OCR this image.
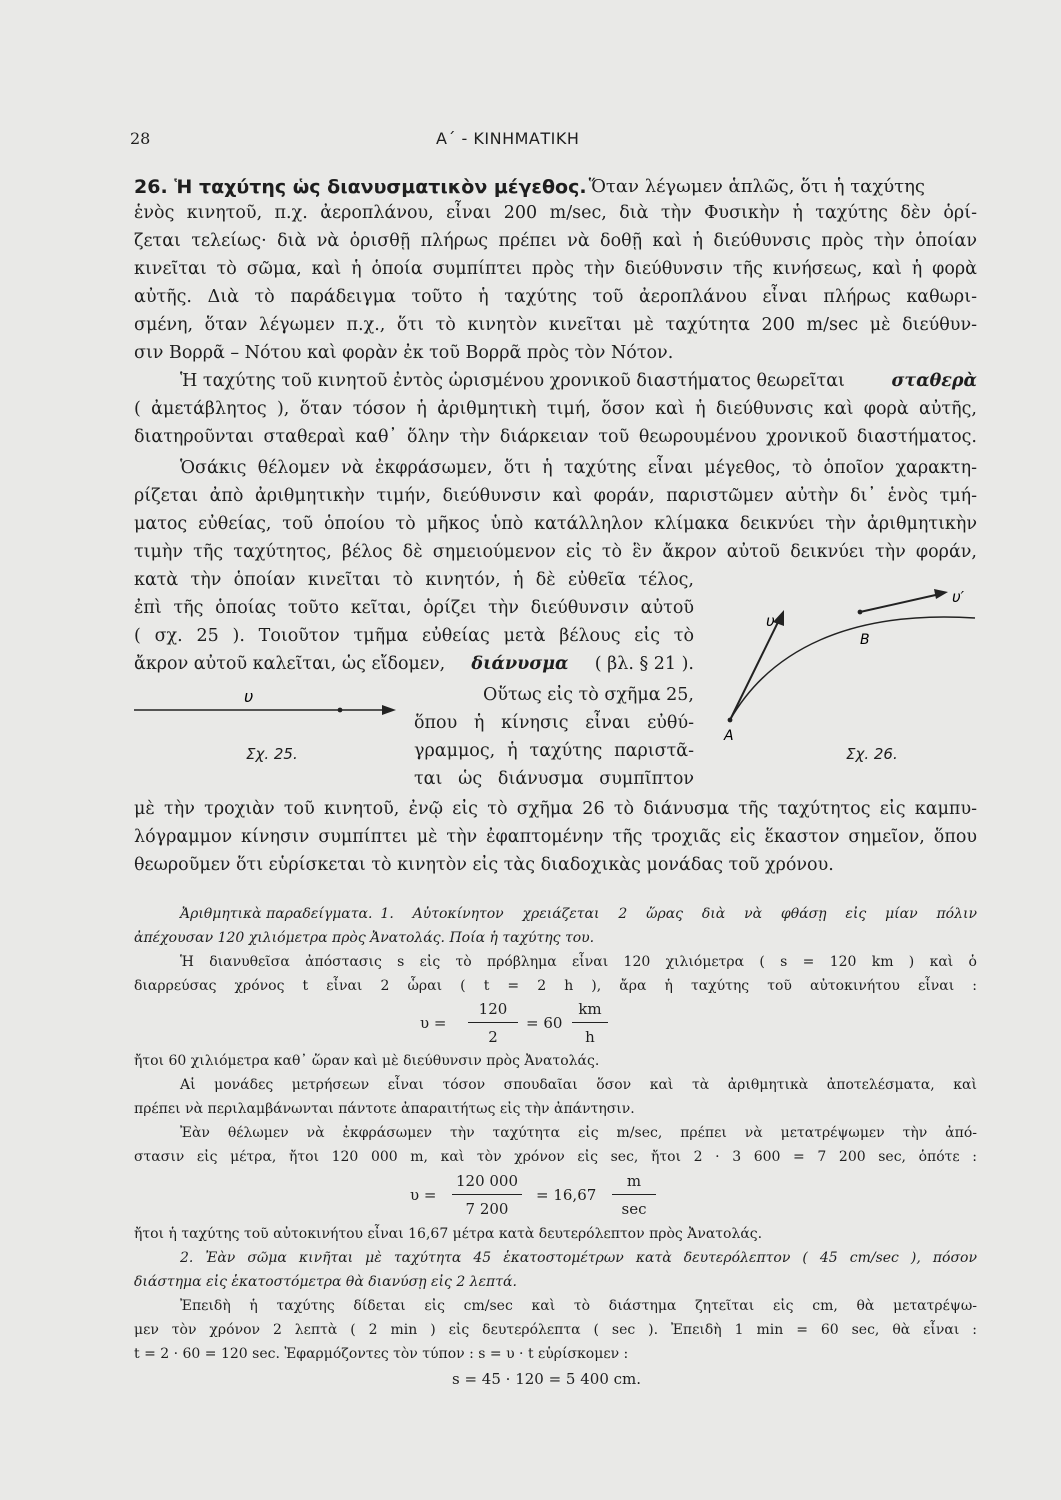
28	Α΄ - ΚΙΝΗΜΑΤΙΚΗ
26. Ἡ ταχύτης ὡς διανυσματικὸν μέγεθος. Ὅταν λέγωμεν ἁπλῶς, ὅτι ἡ ταχύτης
ἑνὸς κινητοῦ, π.χ. ἀεροπλάνου, εἶναι 200 m/sec, διὰ τὴν Φυσικὴν ἡ ταχύτης δὲν ὁρί-
ζεται τελείως· διὰ νὰ ὁρισθῇ πλήρως πρέπει νὰ δοθῇ καὶ ἡ διεύθυνσις πρὸς τὴν ὁποίαν
κινεῖται τὸ σῶμα, καὶ ἡ ὁποία συμπίπτει πρὸς τὴν διεύθυνσιν τῆς κινήσεως, καὶ ἡ φορὰ
αὐτῆς. Διὰ τὸ παράδειγμα τοῦτο ἡ ταχύτης τοῦ ἀεροπλάνου εἶναι πλήρως καθωρι-
σμένη, ὅταν λέγωμεν π.χ., ὅτι τὸ κινητὸν κινεῖται μὲ ταχύτητα 200 m/sec μὲ διεύθυν-
σιν Βορρᾶ – Νότου καὶ φορὰν ἐκ τοῦ Βορρᾶ πρὸς τὸν Νότον.
Ἡ ταχύτης τοῦ κινητοῦ ἐντὸς ὡρισμένου χρονικοῦ διαστήματος θεωρεῖται	σταθερὰ
( ἀμετάβλητος ), ὅταν τόσον ἡ ἀριθμητικὴ τιμή, ὅσον καὶ ἡ διεύθυνσις καὶ φορὰ αὐτῆς,
διατηροῦνται σταθεραὶ καθ᾿ ὅλην τὴν διάρκειαν τοῦ θεωρουμένου χρονικοῦ διαστήματος.
Ὁσάκις θέλομεν νὰ ἐκφράσωμεν, ὅτι ἡ ταχύτης εἶναι μέγεθος, τὸ ὁποῖον χαρακτη-
ρίζεται ἀπὸ ἀριθμητικὴν τιμήν, διεύθυνσιν καὶ φοράν, παριστῶμεν αὐτὴν δι᾿ ἑνὸς τμή-
ματος εὐθείας, τοῦ ὁποίου τὸ μῆκος ὑπὸ κατάλληλον κλίμακα δεικνύει τὴν ἀριθμητικὴν
τιμὴν τῆς ταχύτητος, βέλος δὲ σημειούμενον εἰς τὸ ἓν ἄκρον αὐτοῦ δεικνύει τὴν φοράν,
κατὰ τὴν ὁποίαν κινεῖται τὸ κινητόν, ἡ δὲ εὐθεῖα τέλος,
ἐπὶ τῆς ὁποίας τοῦτο κεῖται, ὁρίζει τὴν διεύθυνσιν αὐτοῦ
( σχ. 25 ). Τοιοῦτον τμῆμα εὐθείας μετὰ βέλους εἰς τὸ
ἄκρον αὐτοῦ καλεῖται, ὡς εἴδομεν, διάνυσμα ( βλ. § 21 ).
υ
Σχ. 25.
Οὕτως εἰς τὸ σχῆμα 25,
ὅπου ἡ κίνησις εἶναι εὐθύ-
γραμμος, ἡ ταχύτης παριστᾶ-
ται ὡς διάνυσμα συμπῖπτον
υ
υ′
A
B
Σχ. 26.
μὲ τὴν τροχιὰν τοῦ κινητοῦ, ἐνῷ εἰς τὸ σχῆμα 26 τὸ διάνυσμα τῆς ταχύτητος εἰς καμπυ-
λόγραμμον κίνησιν συμπίπτει μὲ τὴν ἐφαπτομένην τῆς τροχιᾶς εἰς ἕκαστον σημεῖον, ὅπου
θεωροῦμεν ὅτι εὑρίσκεται τὸ κινητὸν εἰς τὰς διαδοχικὰς μονάδας τοῦ χρόνου.
Ἀριθμητικὰ παραδείγματα. 1. Αὐτοκίνητον χρειάζεται 2 ὥρας διὰ νὰ φθάσῃ εἰς μίαν πόλιν
ἀπέχουσαν 120 χιλιόμετρα πρὸς Ἀνατολάς. Ποία ἡ ταχύτης του.
Ἡ διανυθεῖσα ἀπόστασις s εἰς τὸ πρόβλημα εἶναι 120 χιλιόμετρα ( s = 120 km ) καὶ ὁ
διαρρεύσας χρόνος t εἶναι 2 ὧραι ( t = 2 h ), ἄρα ἡ ταχύτης τοῦ αὐτοκινήτου εἶναι :
υ =
120
2
= 60
km
h
ἤτοι 60 χιλιόμετρα καθ᾿ ὥραν καὶ μὲ διεύθυνσιν πρὸς Ἀνατολάς.
Αἱ μονάδες μετρήσεων εἶναι τόσον σπουδαῖαι ὅσον καὶ τὰ ἀριθμητικὰ ἀποτελέσματα, καὶ
πρέπει νὰ περιλαμβάνωνται πάντοτε ἀπαραιτήτως εἰς τὴν ἀπάντησιν.
Ἐὰν θέλωμεν νὰ ἐκφράσωμεν τὴν ταχύτητα εἰς m/sec, πρέπει νὰ μετατρέψωμεν τὴν ἀπό-
στασιν εἰς μέτρα, ἤτοι 120 000 m, καὶ τὸν χρόνον εἰς sec, ἤτοι 2 · 3 600 = 7 200 sec, ὁπότε :
υ =
120 000
7 200
= 16,67
m
sec
ἤτοι ἡ ταχύτης τοῦ αὐτοκινήτου εἶναι 16,67 μέτρα κατὰ δευτερόλεπτον πρὸς Ἀνατολάς.
2. Ἐὰν σῶμα κινῆται μὲ ταχύτητα 45 ἑκατοστομέτρων κατὰ δευτερόλεπτον ( 45 cm/sec ), πόσον
διάστημα εἰς ἑκατοστόμετρα θὰ διανύσῃ εἰς 2 λεπτά.
Ἐπειδὴ ἡ ταχύτης δίδεται εἰς cm/sec καὶ τὸ διάστημα ζητεῖται εἰς cm, θὰ μετατρέψω-
μεν τὸν χρόνον 2 λεπτὰ ( 2 min ) εἰς δευτερόλεπτα ( sec ). Ἐπειδὴ 1 min = 60 sec, θὰ εἶναι :
t = 2 · 60 = 120 sec. Ἐφαρμόζοντες τὸν τύπον : s = υ · t εὑρίσκομεν :
s = 45 · 120 = 5 400 cm.
